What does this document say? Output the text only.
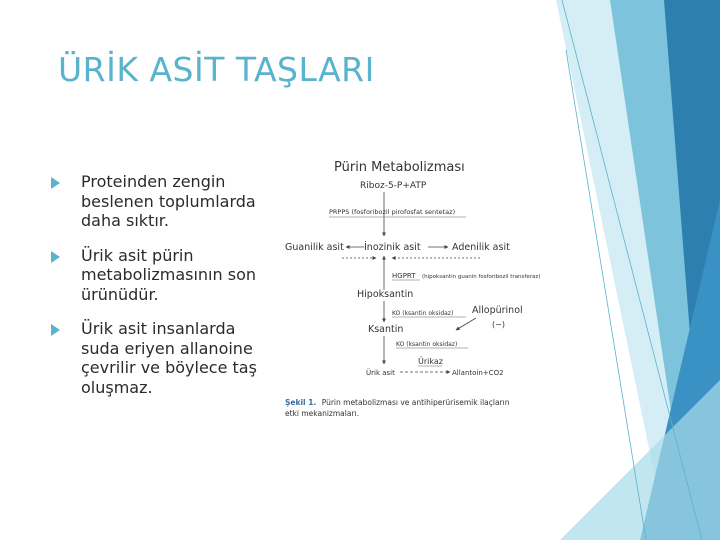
ÜRİK ASİT TAŞLARI
Proteinden zengin beslenen toplumlarda daha sıktır.
Ürik asit pürin metabolizmasının son ürünüdür.
Ürik asit insanlarda suda eriyen allanoine çevrilir ve böylece taş oluşmaz.
Pürin Metabolizması
Riboz-5-P+ATP
PRPPS (fosforibozil pirofosfat sentetaz)
Guanilik asit İnozinik asit	Adenilik asit
HGPRT (hipoksantin guanin fosforibozil transferaz)
Hipoksantin
KO (ksantin oksidaz) Allopürinol
(−)
Ksantin
KO (ksantin oksidaz)
Ürikaz
Ürik asit	Allantoin+CO2
Şekil 1. Pürin metabolizması ve antihiperürisemik ilaçların
etki mekanizmaları.
